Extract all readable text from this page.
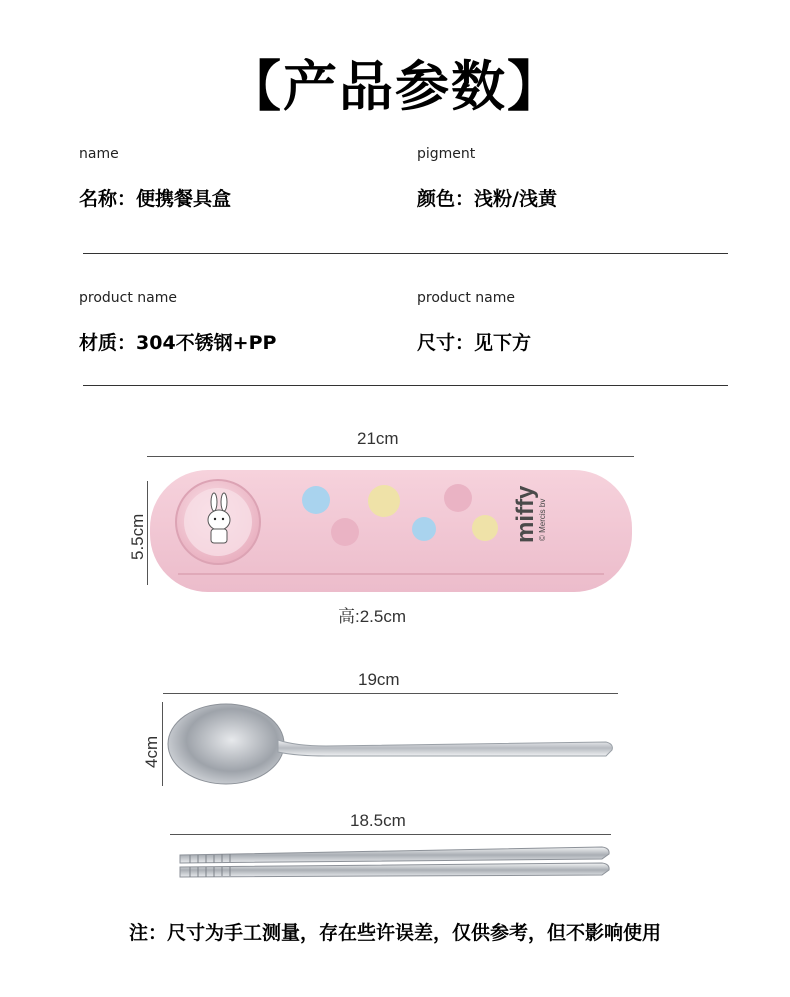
【产品参数】
name
名称：便携餐具盒
pigment
颜色：浅粉/浅黄
product name
材质：304不锈钢+PP
product name
尺寸：见下方
21cm
5.5cm
高:2.5cm
miffy © Mercis bv
19cm
4cm
18.5cm
注：尺寸为手工测量，存在些许误差，仅供参考，但不影响使用
